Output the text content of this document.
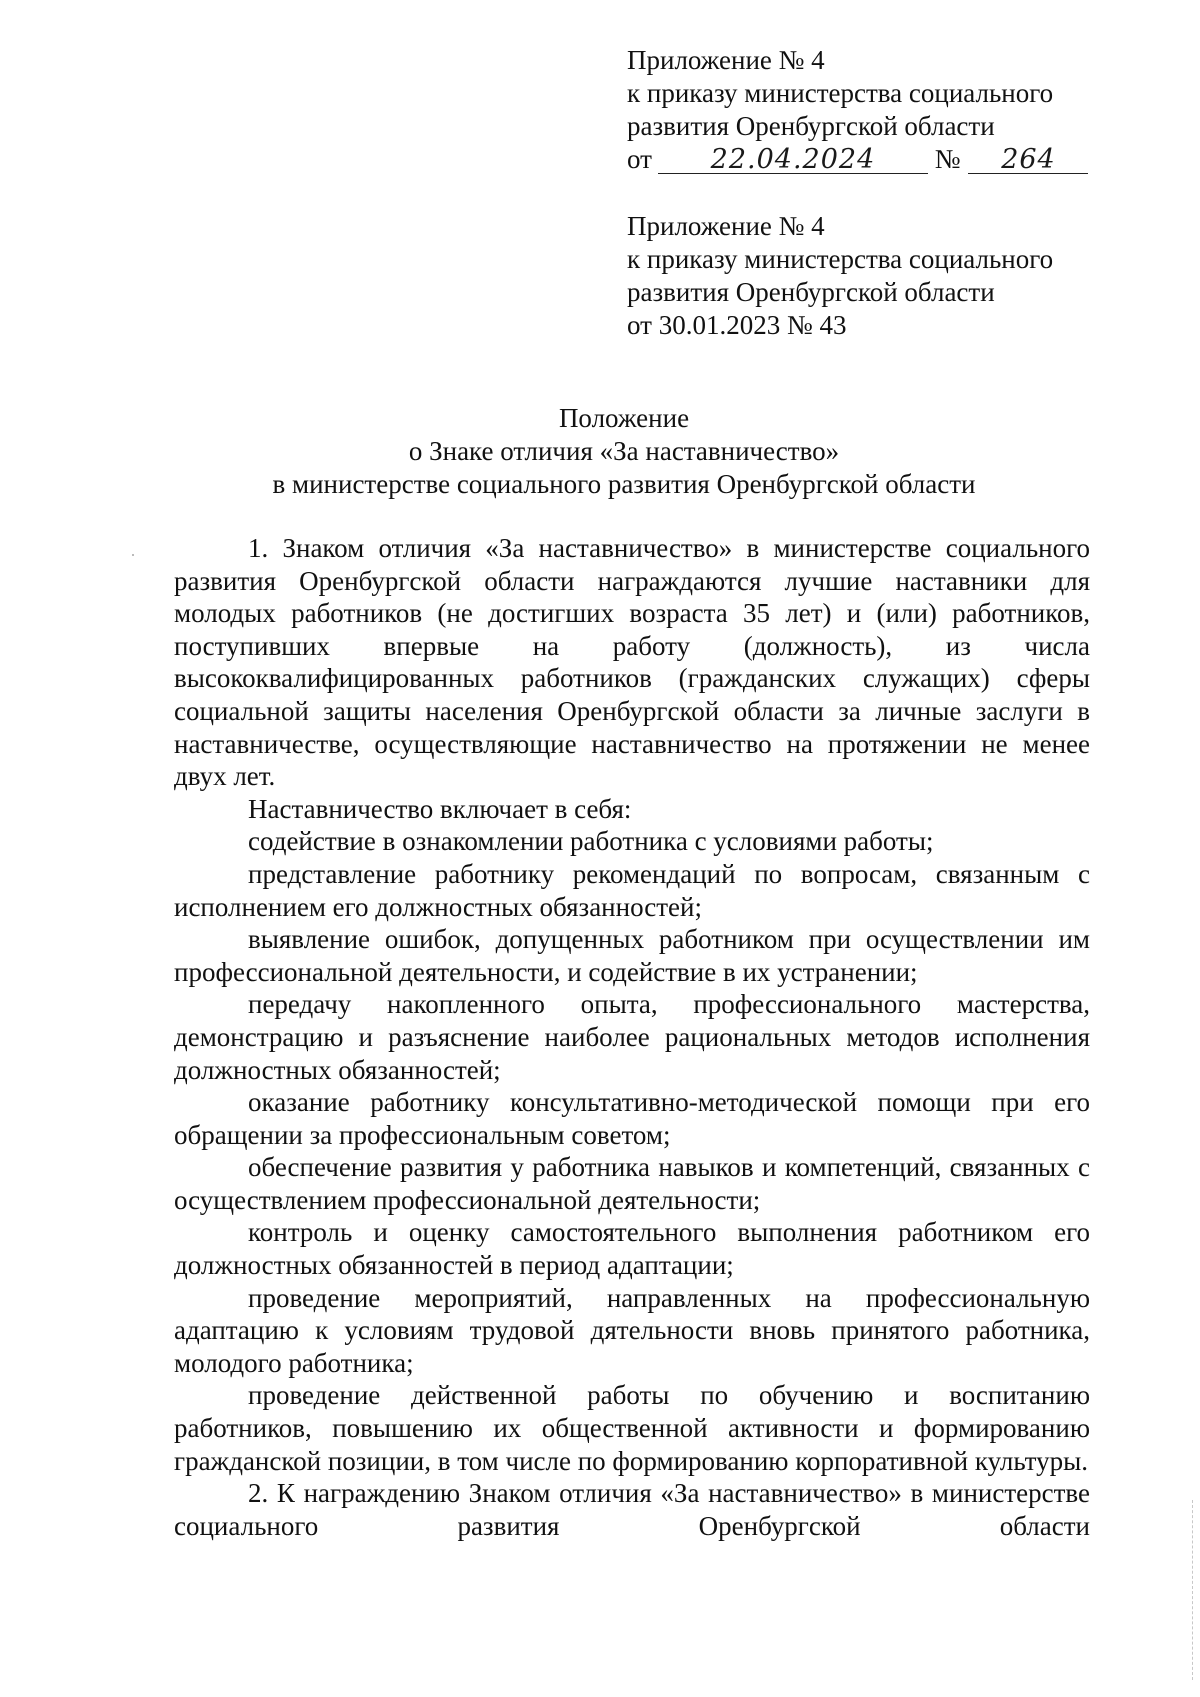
Приложение № 4
к приказу министерства социального
развития Оренбургской области
от 22.04.2024 № 264
Приложение № 4
к приказу министерства социального
развития Оренбургской области
от 30.01.2023 № 43
Положение
о Знаке отличия «За наставничество»
в министерстве социального развития Оренбургской области

1. Знаком отличия «За наставничество» в министерстве социального развития Оренбургской области награждаются лучшие наставники для молодых работников (не достигших возраста 35 лет) и (или) работников, поступивших впервые на работу (должность), из числа высококвалифицированных работников (гражданских служащих) сферы социальной защиты населения Оренбургской области за личные заслуги в наставничестве, осуществляющие наставничество на протяжении не менее двух лет.

Наставничество включает в себя:

содействие в ознакомлении работника с условиями работы;

представление работнику рекомендаций по вопросам, связанным с исполнением его должностных обязанностей;

выявление ошибок, допущенных работником при осуществлении им профессиональной деятельности, и содействие в их устранении;

передачу накопленного опыта, профессионального мастерства, демонстрацию и разъяснение наиболее рациональных методов исполнения должностных обязанностей;

оказание работнику консультативно-методической помощи при его обращении за профессиональным советом;

обеспечение развития у работника навыков и компетенций, связанных с осуществлением профессиональной деятельности;

контроль и оценку самостоятельного выполнения работником его должностных обязанностей в период адаптации;

проведение мероприятий, направленных на профессиональную адаптацию к условиям трудовой дятельности вновь принятого работника, молодого работника;

проведение действенной работы по обучению и воспитанию работников, повышению их общественной активности и формированию гражданской позиции, в том числе по формированию корпоративной культуры.

2. К награждению Знаком отличия «За наставничество» в министерстве социального развития Оренбургской области
